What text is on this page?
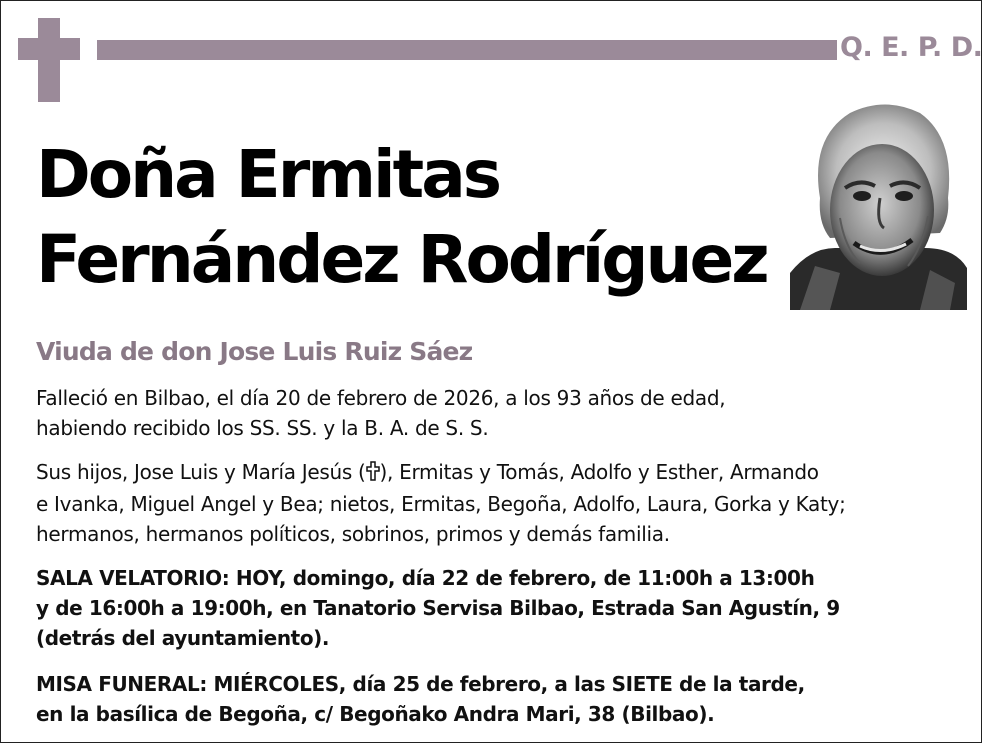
Q. E. P. D.
Doña Ermitas
Fernández Rodríguez
Viuda de don Jose Luis Ruiz Sáez
Falleció en Bilbao, el día 20 de febrero de 2026, a los 93 años de edad,
habiendo recibido los SS. SS. y la B. A. de S. S.
Sus hijos, Jose Luis y María Jesús ( ), Ermitas y Tomás, Adolfo y Esther, Armando
e Ivanka, Miguel Angel y Bea; nietos, Ermitas, Begoña, Adolfo, Laura, Gorka y Katy;
hermanos, hermanos políticos, sobrinos, primos y demás familia.
SALA VELATORIO: HOY, domingo, día 22 de febrero, de 11:00h a 13:00h
y de 16:00h a 19:00h, en Tanatorio Servisa Bilbao, Estrada San Agustín, 9
(detrás del ayuntamiento).
MISA FUNERAL: MIÉRCOLES, día 25 de febrero, a las SIETE de la tarde,
en la basílica de Begoña, c/ Begoñako Andra Mari, 38 (Bilbao).
